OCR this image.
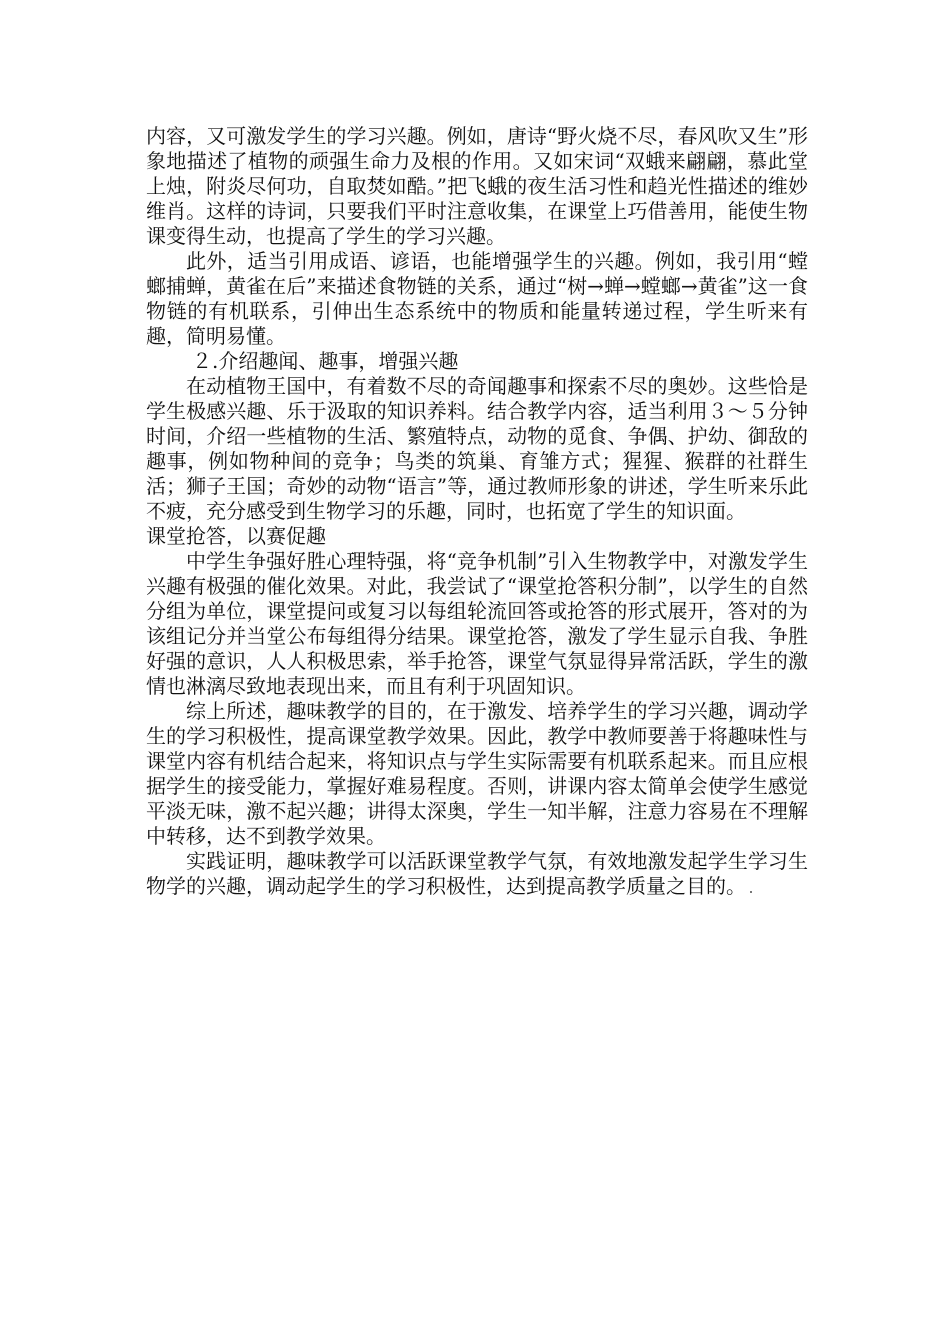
内容，又可激发学生的学习兴趣。例如，唐诗“野火烧不尽，春风吹又生”形象地描述了植物的顽强生命力及根的作用。又如宋词“双蛾来翩翩，慕此堂上烛，附炎尽何功，自取焚如酷。”把飞蛾的夜生活习性和趋光性描述的维妙维肖。这样的诗词，只要我们平时注意收集，在课堂上巧借善用，能使生物课变得生动，也提高了学生的学习兴趣。

此外，适当引用成语、谚语，也能增强学生的兴趣。例如，我引用“螳螂捕蝉，黄雀在后”来描述食物链的关系，通过“树→蝉→螳螂→黄雀”这一食物链的有机联系，引伸出生态系统中的物质和能量转递过程，学生听来有趣，简明易懂。

２.介绍趣闻、趣事，增强兴趣

在动植物王国中，有着数不尽的奇闻趣事和探索不尽的奥妙。这些恰是学生极感兴趣、乐于汲取的知识养料。结合教学内容，适当利用３～５分钟时间，介绍一些植物的生活、繁殖特点，动物的觅食、争偶、护幼、御敌的趣事，例如物种间的竞争；鸟类的筑巢、育雏方式；猩猩、猴群的社群生活；狮子王国；奇妙的动物“语言”等，通过教师形象的讲述，学生听来乐此不疲，充分感受到生物学习的乐趣，同时，也拓宽了学生的知识面。

课堂抢答，以赛促趣

中学生争强好胜心理特强，将“竞争机制”引入生物教学中，对激发学生兴趣有极强的催化效果。对此，我尝试了“课堂抢答积分制”，以学生的自然分组为单位，课堂提问或复习以每组轮流回答或抢答的形式展开，答对的为该组记分并当堂公布每组得分结果。课堂抢答，激发了学生显示自我、争胜好强的意识，人人积极思索，举手抢答，课堂气氛显得异常活跃，学生的激情也淋漓尽致地表现出来，而且有利于巩固知识。

综上所述，趣味教学的目的，在于激发、培养学生的学习兴趣，调动学生的学习积极性，提高课堂教学效果。因此，教学中教师要善于将趣味性与课堂内容有机结合起来，将知识点与学生实际需要有机联系起来。而且应根据学生的接受能力，掌握好难易程度。否则，讲课内容太简单会使学生感觉平淡无味，激不起兴趣；讲得太深奥，学生一知半解，注意力容易在不理解中转移，达不到教学效果。

实践证明，趣味教学可以活跃课堂教学气氛，有效地激发起学生学习生物学的兴趣，调动起学生的学习积极性，达到提高教学质量之目的。
